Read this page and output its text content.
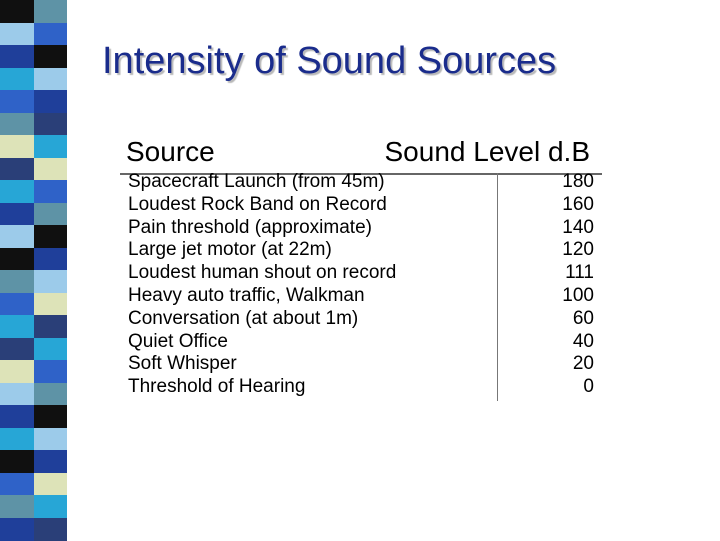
Intensity of Sound Sources
Source	Sound Level d.B
Spacecraft Launch (from 45m)	180
Loudest Rock Band on Record	160
Pain threshold (approximate)	140
Large jet motor (at 22m)	120
Loudest human shout on record	111
Heavy auto traffic, Walkman	100
Conversation (at about 1m)	60
Quiet Office	40
Soft Whisper	20
Threshold of Hearing	0
